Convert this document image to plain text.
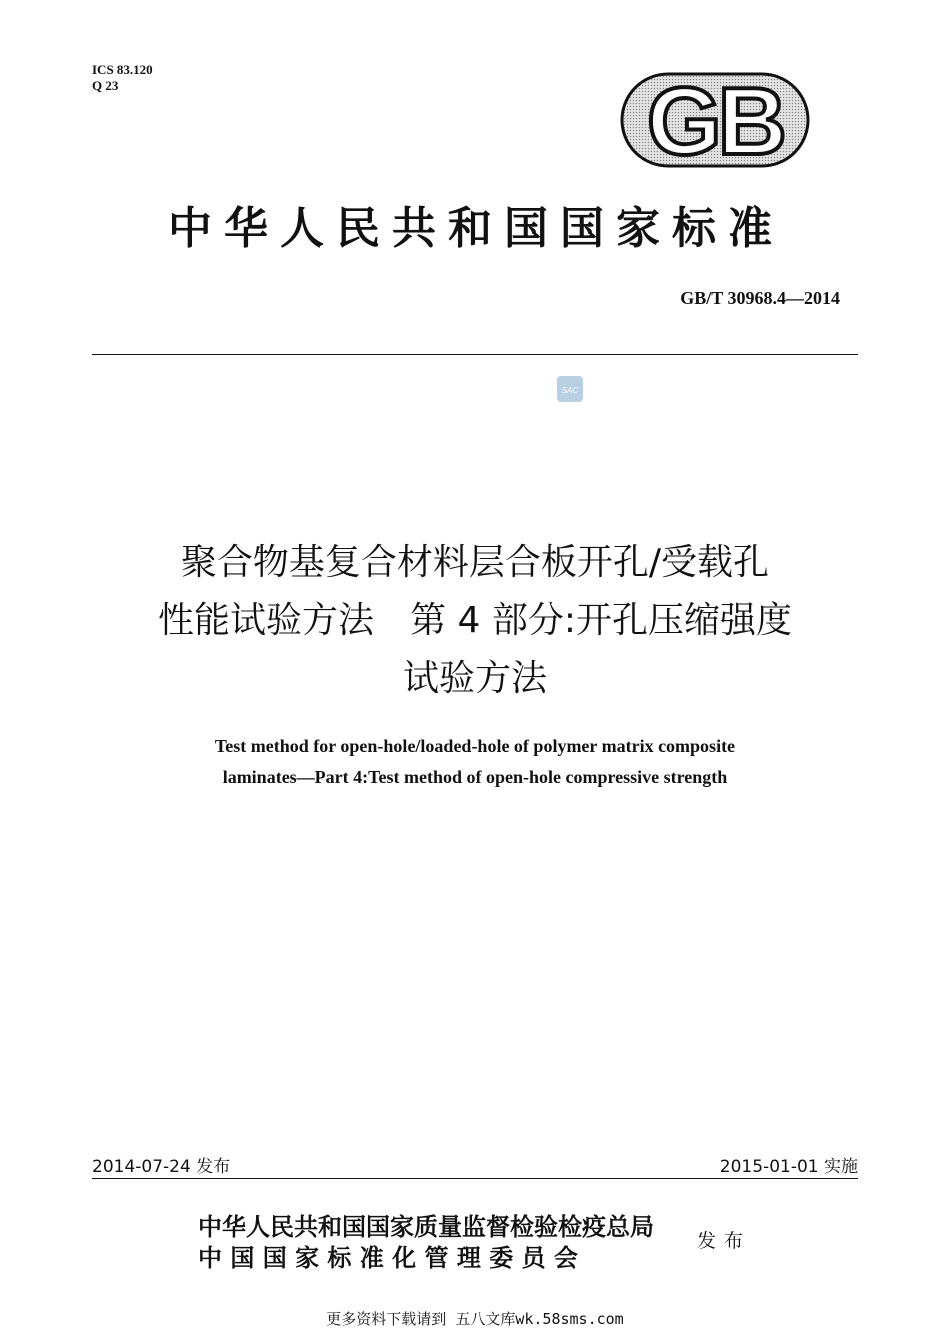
ICS 83.120
Q 23	GB
中华人民共和国国家标准
GB/T 30968.4—2014
SAC
聚合物基复合材料层合板开孔/受载孔
性能试验方法　第 4 部分:开孔压缩强度
试验方法
Test method for open-hole/loaded-hole of polymer matrix composite
laminates—Part 4:Test method of open-hole compressive strength
2014-07-24 发布	2015-01-01 实施
中华人民共和国国家质量监督检验检疫总局
中 国 国 家 标 准 化 管 理 委 员 会
发布
更多资料下载请到 五八文库wk.58sms.com
